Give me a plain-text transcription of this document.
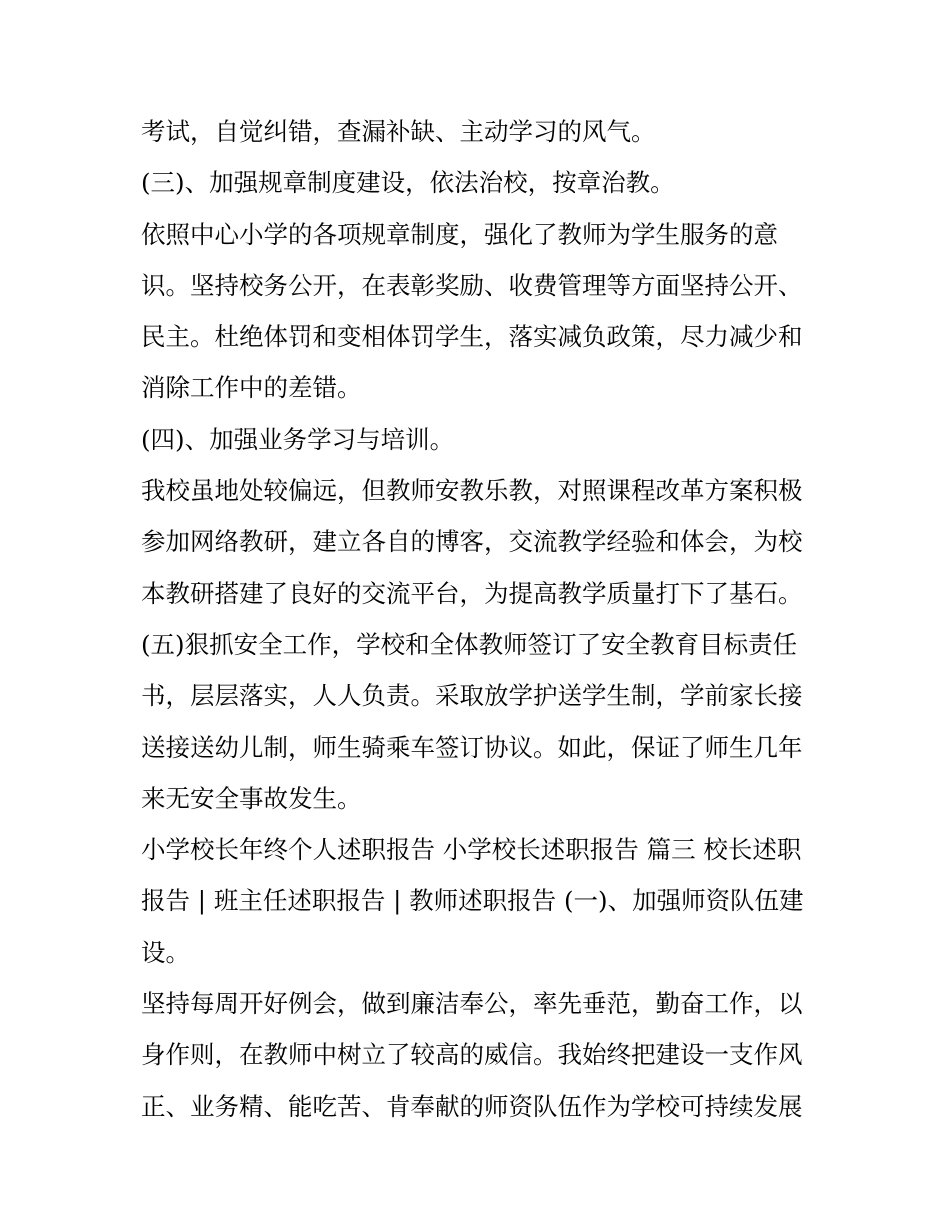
考试，自觉纠错，查漏补缺、主动学习的风气。

(三)、加强规章制度建设，依法治校，按章治教。

依照中心小学的各项规章制度，强化了教师为学生服务的意识。坚持校务公开，在表彰奖励、收费管理等方面坚持公开、民主。杜绝体罚和变相体罚学生，落实减负政策，尽力减少和消除工作中的差错。

(四)、加强业务学习与培训。

我校虽地处较偏远，但教师安教乐教，对照课程改革方案积极参加网络教研，建立各自的博客，交流教学经验和体会，为校本教研搭建了良好的交流平台，为提高教学质量打下了基石。

(五)狠抓安全工作，学校和全体教师签订了安全教育目标责任书，层层落实，人人负责。采取放学护送学生制，学前家长接送接送幼儿制，师生骑乘车签订协议。如此，保证了师生几年来无安全事故发生。

小学校长年终个人述职报告 小学校长述职报告 篇三 校长述职报告 | 班主任述职报告 | 教师述职报告 (一)、加强师资队伍建设。

坚持每周开好例会，做到廉洁奉公，率先垂范，勤奋工作，以身作则，在教师中树立了较高的威信。我始终把建设一支作风正、业务精、能吃苦、肯奉献的师资队伍作为学校可持续发展
